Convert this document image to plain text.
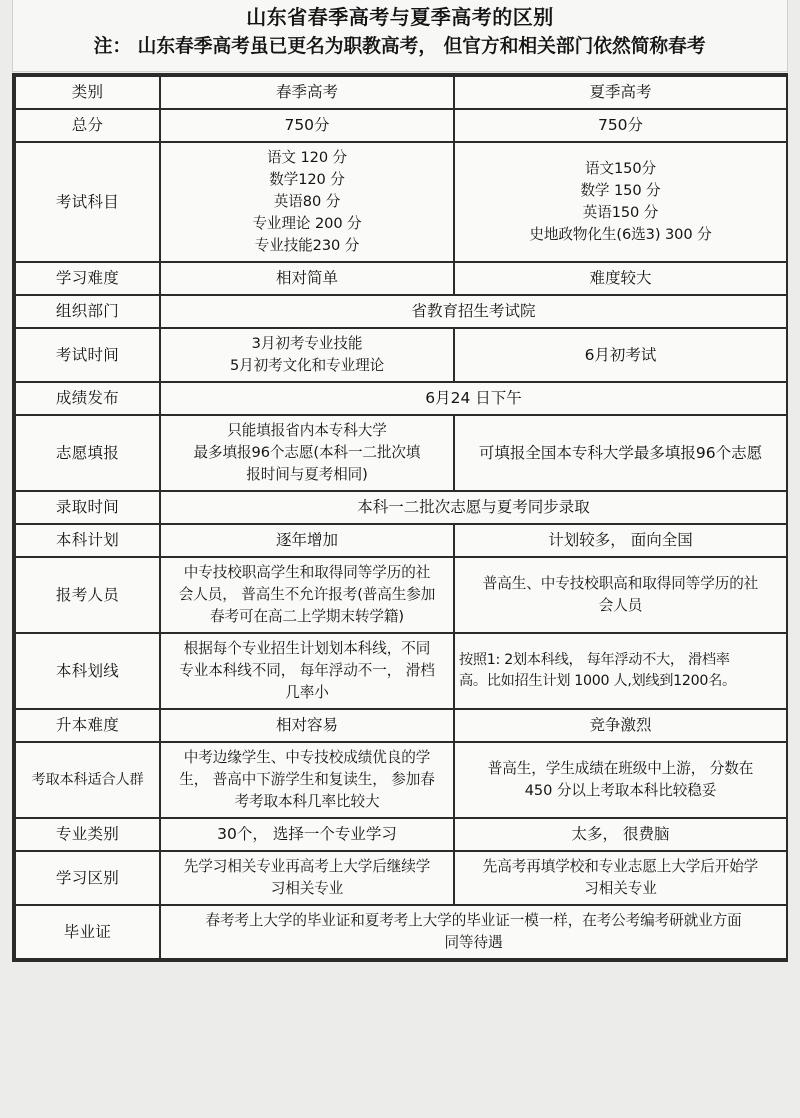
山东省春季高考与夏季高考的区别
注： 山东春季高考虽已更名为职教高考， 但官方和相关部门依然简称春考
类别	春季高考	夏季高考
总分	750分	750分
考试科目	语文 120 分
数学120 分
英语80 分
专业理论 200 分
专业技能230 分	语文150分
数学 150 分
英语150 分
史地政物化生(6选3) 300 分

学习难度	相对简单	难度较大
组织部门	省教育招生考试院	
考试时间	3月初考专业技能
5月初考文化和专业理论	6月初考试
成绩发布	6月24 日下午	
志愿填报	只能填报省内本专科大学
最多填报96个志愿(本科一二批次填
报时间与夏考相同)	可填报全国本专科大学最多填报96个志愿
录取时间	本科一二批次志愿与夏考同步录取	
本科计划	逐年增加	计划较多， 面向全国
报考人员	中专技校职高学生和取得同等学历的社
会人员， 普高生不允许报考(普高生参加
春考可在高二上学期末转学籍)	普高生、中专技校职高和取得同等学历的社
会人员

本科划线	根据每个专业招生计划划本科线，不同
专业本科线不同， 每年浮动不一， 滑档
几率小	按照1: 2划本科线， 每年浮动不大， 滑档率
高。比如招生计划 1000 人,划线到1200名。

升本难度	相对容易	竞争激烈
考取本科适合人群	中考边缘学生、中专技校成绩优良的学
生， 普高中下游学生和复读生， 参加春
考考取本科几率比较大	普高生，学生成绩在班级中上游， 分数在
450 分以上考取本科比较稳妥

专业类别	30个， 选择一个专业学习	太多， 很费脑
学习区别	先学习相关专业再高考上大学后继续学
习相关专业	先高考再填学校和专业志愿上大学后开始学
习相关专业

毕业证	春考考上大学的毕业证和夏考考上大学的毕业证一模一样，在考公考编考研就业方面
同等待遇	
